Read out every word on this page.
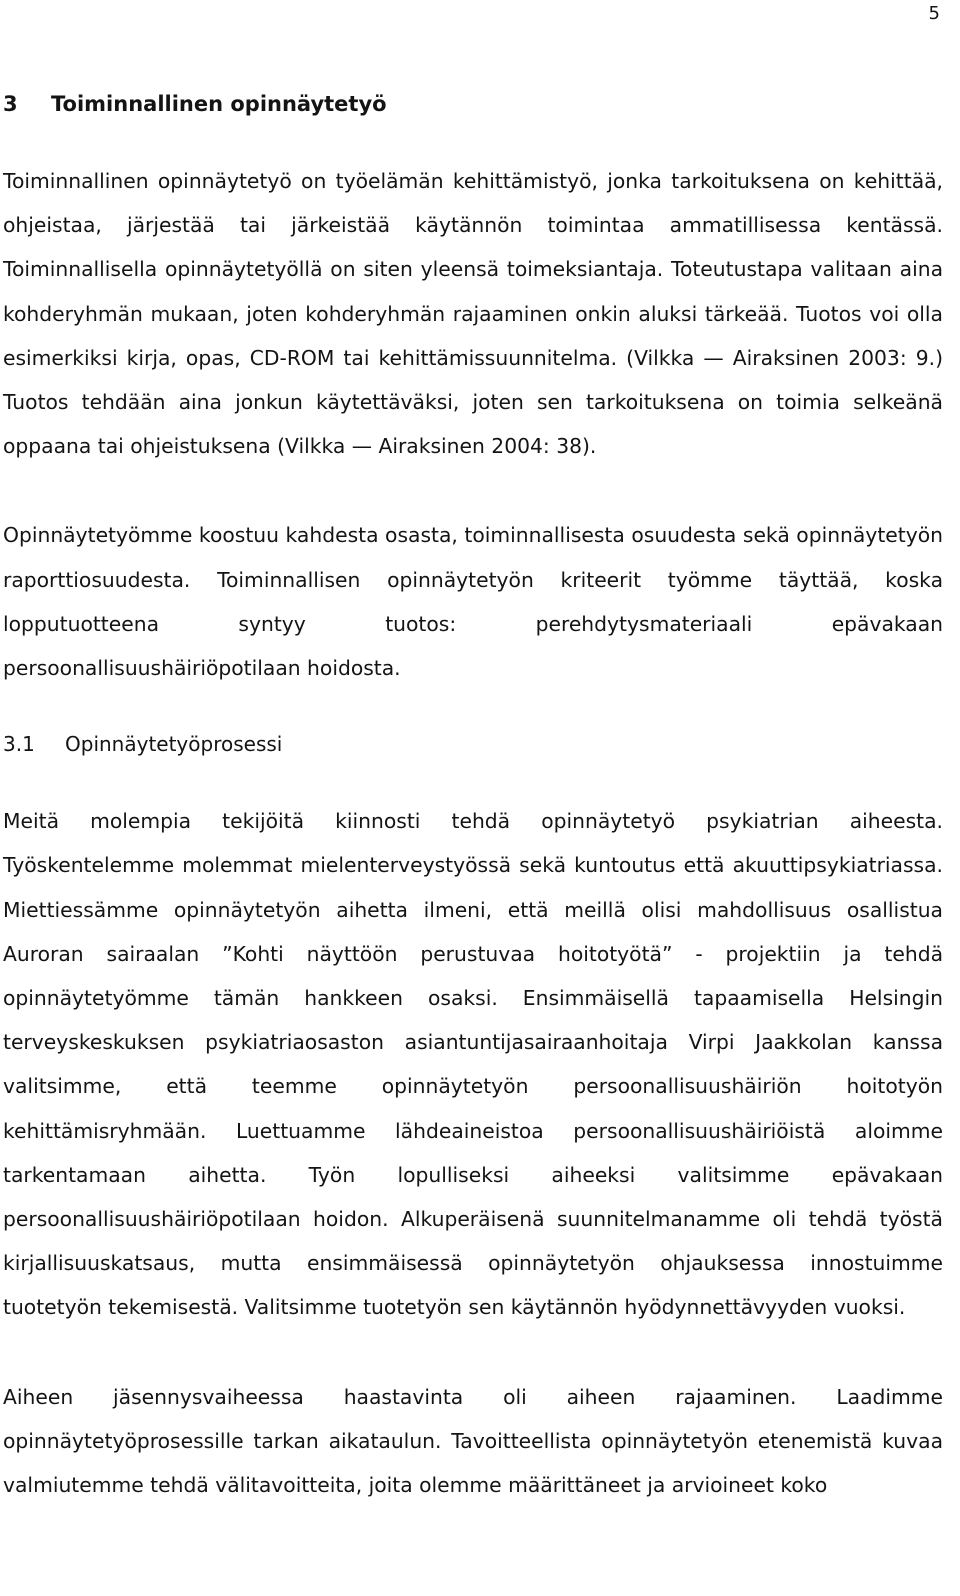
5
3 Toiminnallinen opinnäytetyö

Toiminnallinen opinnäytetyö on työelämän kehittämistyö, jonka tarkoituksena on kehittää, ohjeistaa, järjestää tai järkeistää käytännön toimintaa ammatillisessa kentässä. Toiminnallisella opinnäytetyöllä on siten yleensä toimeksiantaja. Toteutustapa valitaan aina kohderyhmän mukaan, joten kohderyhmän rajaaminen onkin aluksi tärkeää. Tuotos voi olla esimerkiksi kirja, opas, CD-ROM tai kehittämissuunnitelma. (Vilkka — Airaksinen 2003: 9.) Tuotos tehdään aina jonkun käytettäväksi, joten sen tarkoituksena on toimia selkeänä oppaana tai ohjeistuksena (Vilkka — Airaksinen 2004: 38).

Opinnäytetyömme koostuu kahdesta osasta, toiminnallisesta osuudesta sekä opinnäytetyön raporttiosuudesta. Toiminnallisen opinnäytetyön kriteerit työmme täyttää, koska lopputuotteena syntyy tuotos: perehdytysmateriaali epävakaan persoonallisuushäiriöpotilaan hoidosta.

3.1 Opinnäytetyöprosessi

Meitä molempia tekijöitä kiinnosti tehdä opinnäytetyö psykiatrian aiheesta. Työskentelemme molemmat mielenterveystyössä sekä kuntoutus että akuuttipsykiatriassa. Miettiessämme opinnäytetyön aihetta ilmeni, että meillä olisi mahdollisuus osallistua Auroran sairaalan ”Kohti näyttöön perustuvaa hoitotyötä” - projektiin ja tehdä opinnäytetyömme tämän hankkeen osaksi. Ensimmäisellä tapaamisella Helsingin terveyskeskuksen psykiatriaosaston asiantuntijasairaanhoitaja Virpi Jaakkolan kanssa valitsimme, että teemme opinnäytetyön persoonallisuushäiriön hoitotyön kehittämisryhmään. Luettuamme lähdeaineistoa persoonallisuushäiriöistä aloimme tarkentamaan aihetta. Työn lopulliseksi aiheeksi valitsimme epävakaan persoonallisuushäiriöpotilaan hoidon. Alkuperäisenä suunnitelmanamme oli tehdä työstä kirjallisuuskatsaus, mutta ensimmäisessä opinnäytetyön ohjauksessa innostuimme tuotetyön tekemisestä. Valitsimme tuotetyön sen käytännön hyödynnettävyyden vuoksi.

Aiheen jäsennysvaiheessa haastavinta oli aiheen rajaaminen. Laadimme opinnäytetyöprosessille tarkan aikataulun. Tavoitteellista opinnäytetyön etenemistä kuvaa valmiutemme tehdä välitavoitteita, joita olemme määrittäneet ja arvioineet koko
